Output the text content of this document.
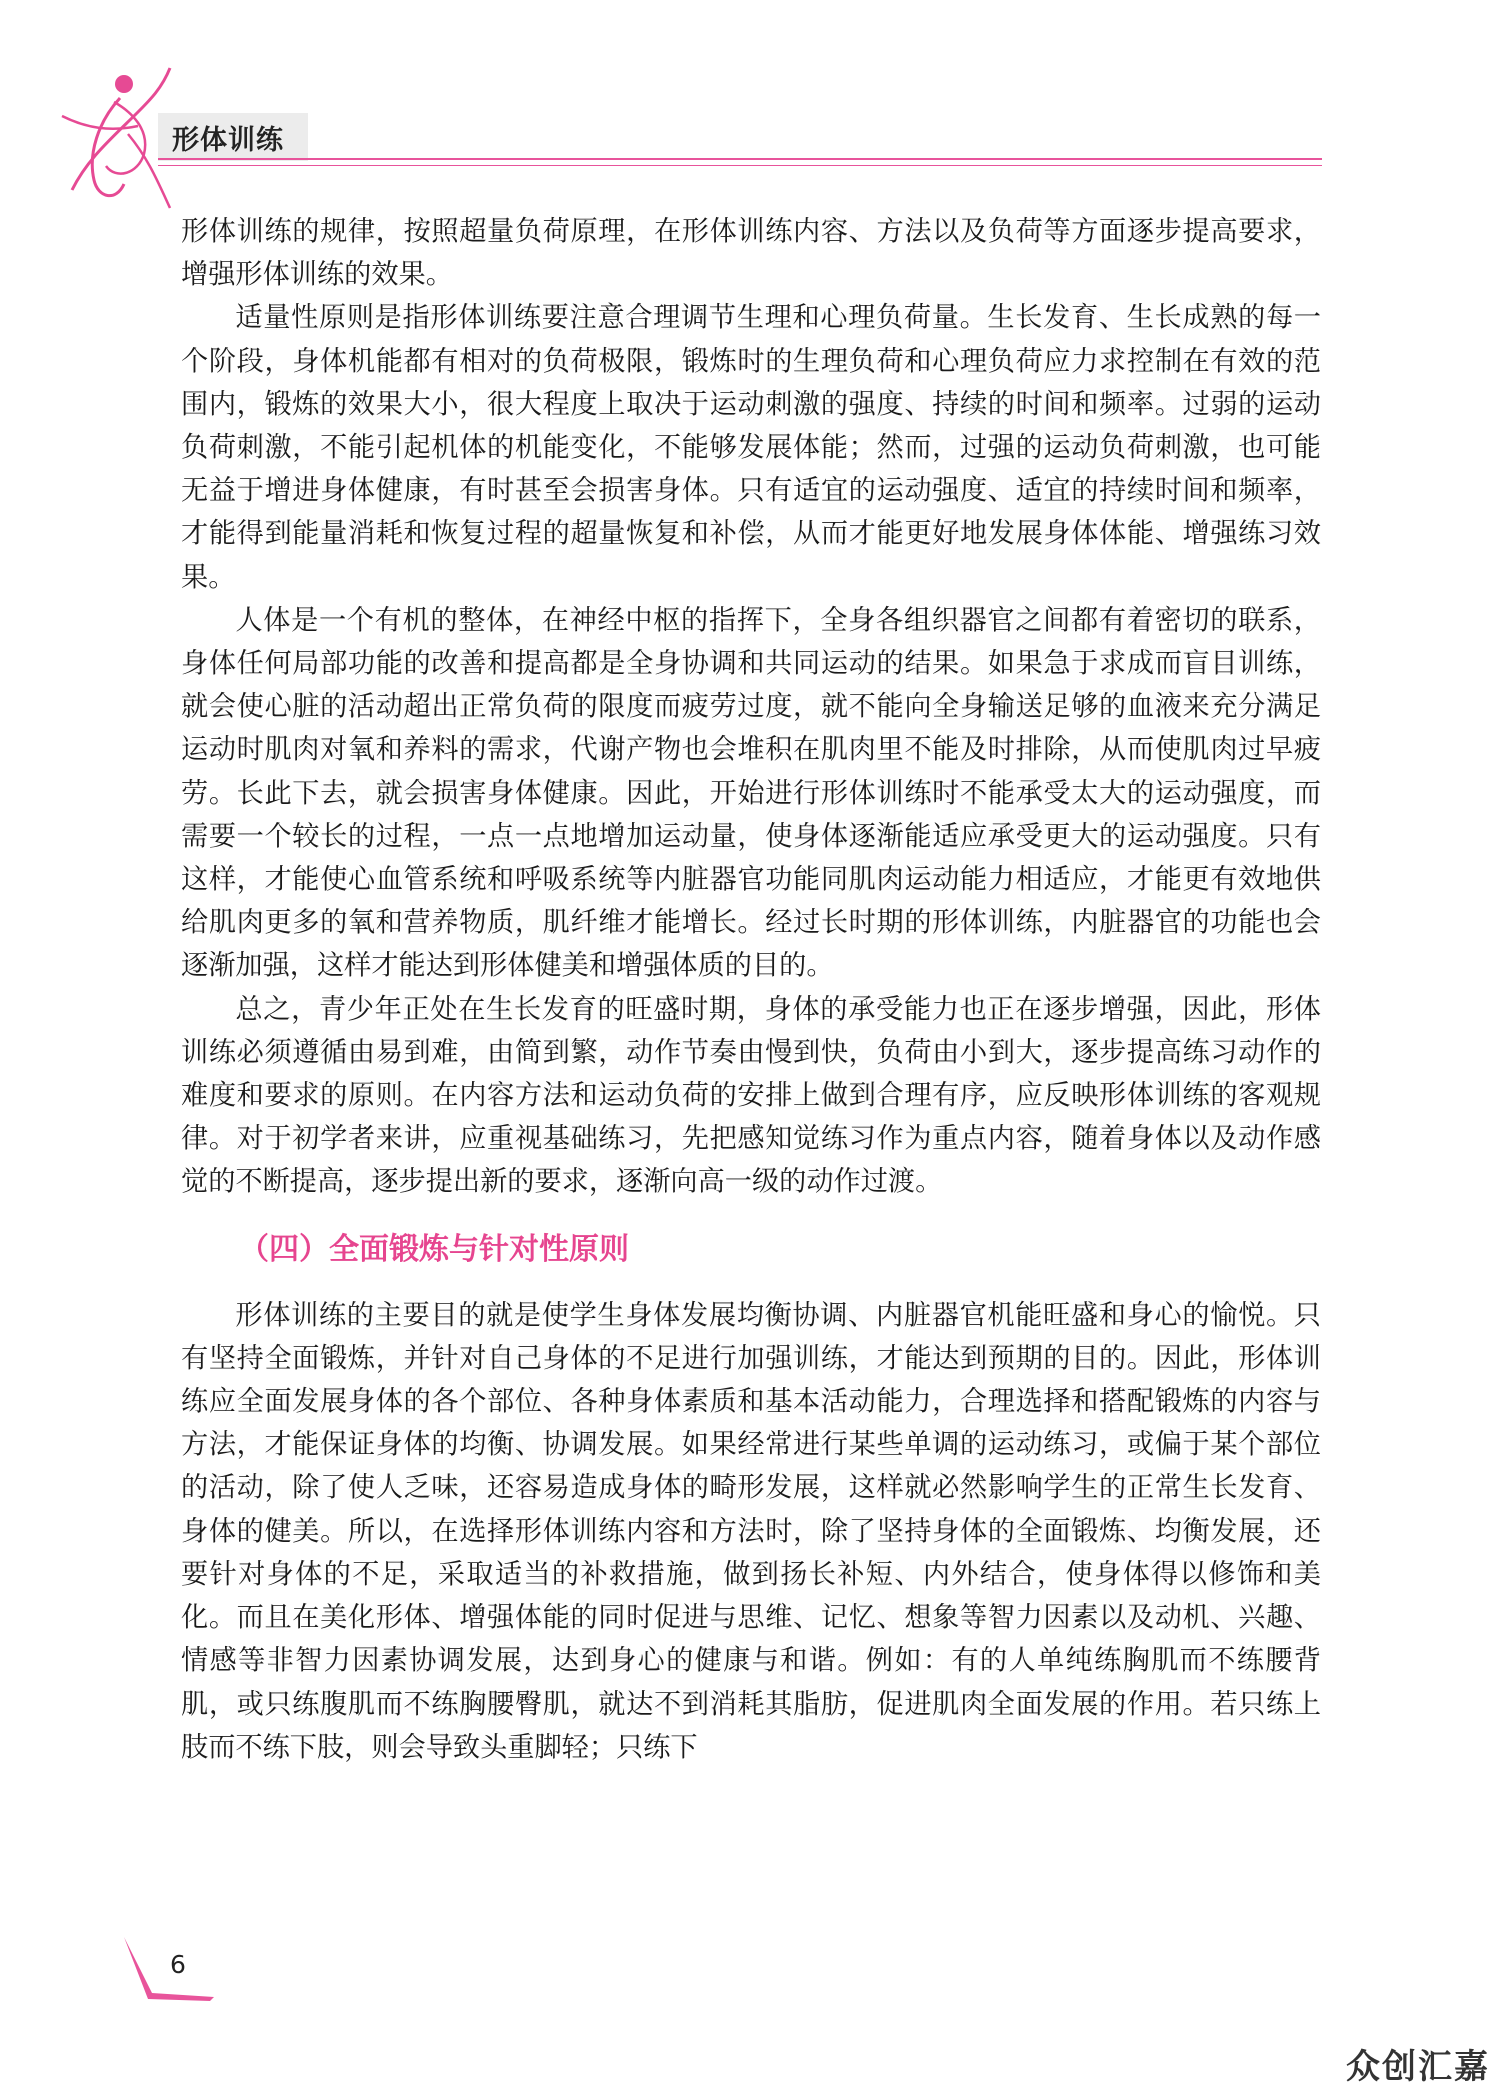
形体训练

形体训练的规律，按照超量负荷原理，在形体训练内容、方法以及负荷等方面逐步提高要求，增强形体训练的效果。

适量性原则是指形体训练要注意合理调节生理和心理负荷量。生长发育、生长成熟的每一个阶段，身体机能都有相对的负荷极限，锻炼时的生理负荷和心理负荷应力求控制在有效的范围内，锻炼的效果大小，很大程度上取决于运动刺激的强度、持续的时间和频率。过弱的运动负荷刺激，不能引起机体的机能变化，不能够发展体能；然而，过强的运动负荷刺激，也可能无益于增进身体健康，有时甚至会损害身体。只有适宜的运动强度、适宜的持续时间和频率，才能得到能量消耗和恢复过程的超量恢复和补偿，从而才能更好地发展身体体能、增强练习效果。

人体是一个有机的整体，在神经中枢的指挥下，全身各组织器官之间都有着密切的联系，身体任何局部功能的改善和提高都是全身协调和共同运动的结果。如果急于求成而盲目训练，就会使心脏的活动超出正常负荷的限度而疲劳过度，就不能向全身输送足够的血液来充分满足运动时肌肉对氧和养料的需求，代谢产物也会堆积在肌肉里不能及时排除，从而使肌肉过早疲劳。长此下去，就会损害身体健康。因此，开始进行形体训练时不能承受太大的运动强度，而需要一个较长的过程，一点一点地增加运动量，使身体逐渐能适应承受更大的运动强度。只有这样，才能使心血管系统和呼吸系统等内脏器官功能同肌肉运动能力相适应，才能更有效地供给肌肉更多的氧和营养物质，肌纤维才能增长。经过长时期的形体训练，内脏器官的功能也会逐渐加强，这样才能达到形体健美和增强体质的目的。

总之，青少年正处在生长发育的旺盛时期，身体的承受能力也正在逐步增强，因此，形体训练必须遵循由易到难，由简到繁，动作节奏由慢到快，负荷由小到大，逐步提高练习动作的难度和要求的原则。在内容方法和运动负荷的安排上做到合理有序，应反映形体训练的客观规律。对于初学者来讲，应重视基础练习，先把感知觉练习作为重点内容，随着身体以及动作感觉的不断提高，逐步提出新的要求，逐渐向高一级的动作过渡。

（四）全面锻炼与针对性原则

形体训练的主要目的就是使学生身体发展均衡协调、内脏器官机能旺盛和身心的愉悦。只有坚持全面锻炼，并针对自己身体的不足进行加强训练，才能达到预期的目的。因此，形体训练应全面发展身体的各个部位、各种身体素质和基本活动能力，合理选择和搭配锻炼的内容与方法，才能保证身体的均衡、协调发展。如果经常进行某些单调的运动练习，或偏于某个部位的活动，除了使人乏味，还容易造成身体的畸形发展，这样就必然影响学生的正常生长发育、身体的健美。所以，在选择形体训练内容和方法时，除了坚持身体的全面锻炼、均衡发展，还要针对身体的不足，采取适当的补救措施，做到扬长补短、内外结合，使身体得以修饰和美化。而且在美化形体、增强体能的同时促进与思维、记忆、想象等智力因素以及动机、兴趣、情感等非智力因素协调发展，达到身心的健康与和谐。例如：有的人单纯练胸肌而不练腰背肌，或只练腹肌而不练胸腰臀肌，就达不到消耗其脂肪，促进肌肉全面发展的作用。若只练上肢而不练下肢，则会导致头重脚轻；只练下

6
众创汇嘉
